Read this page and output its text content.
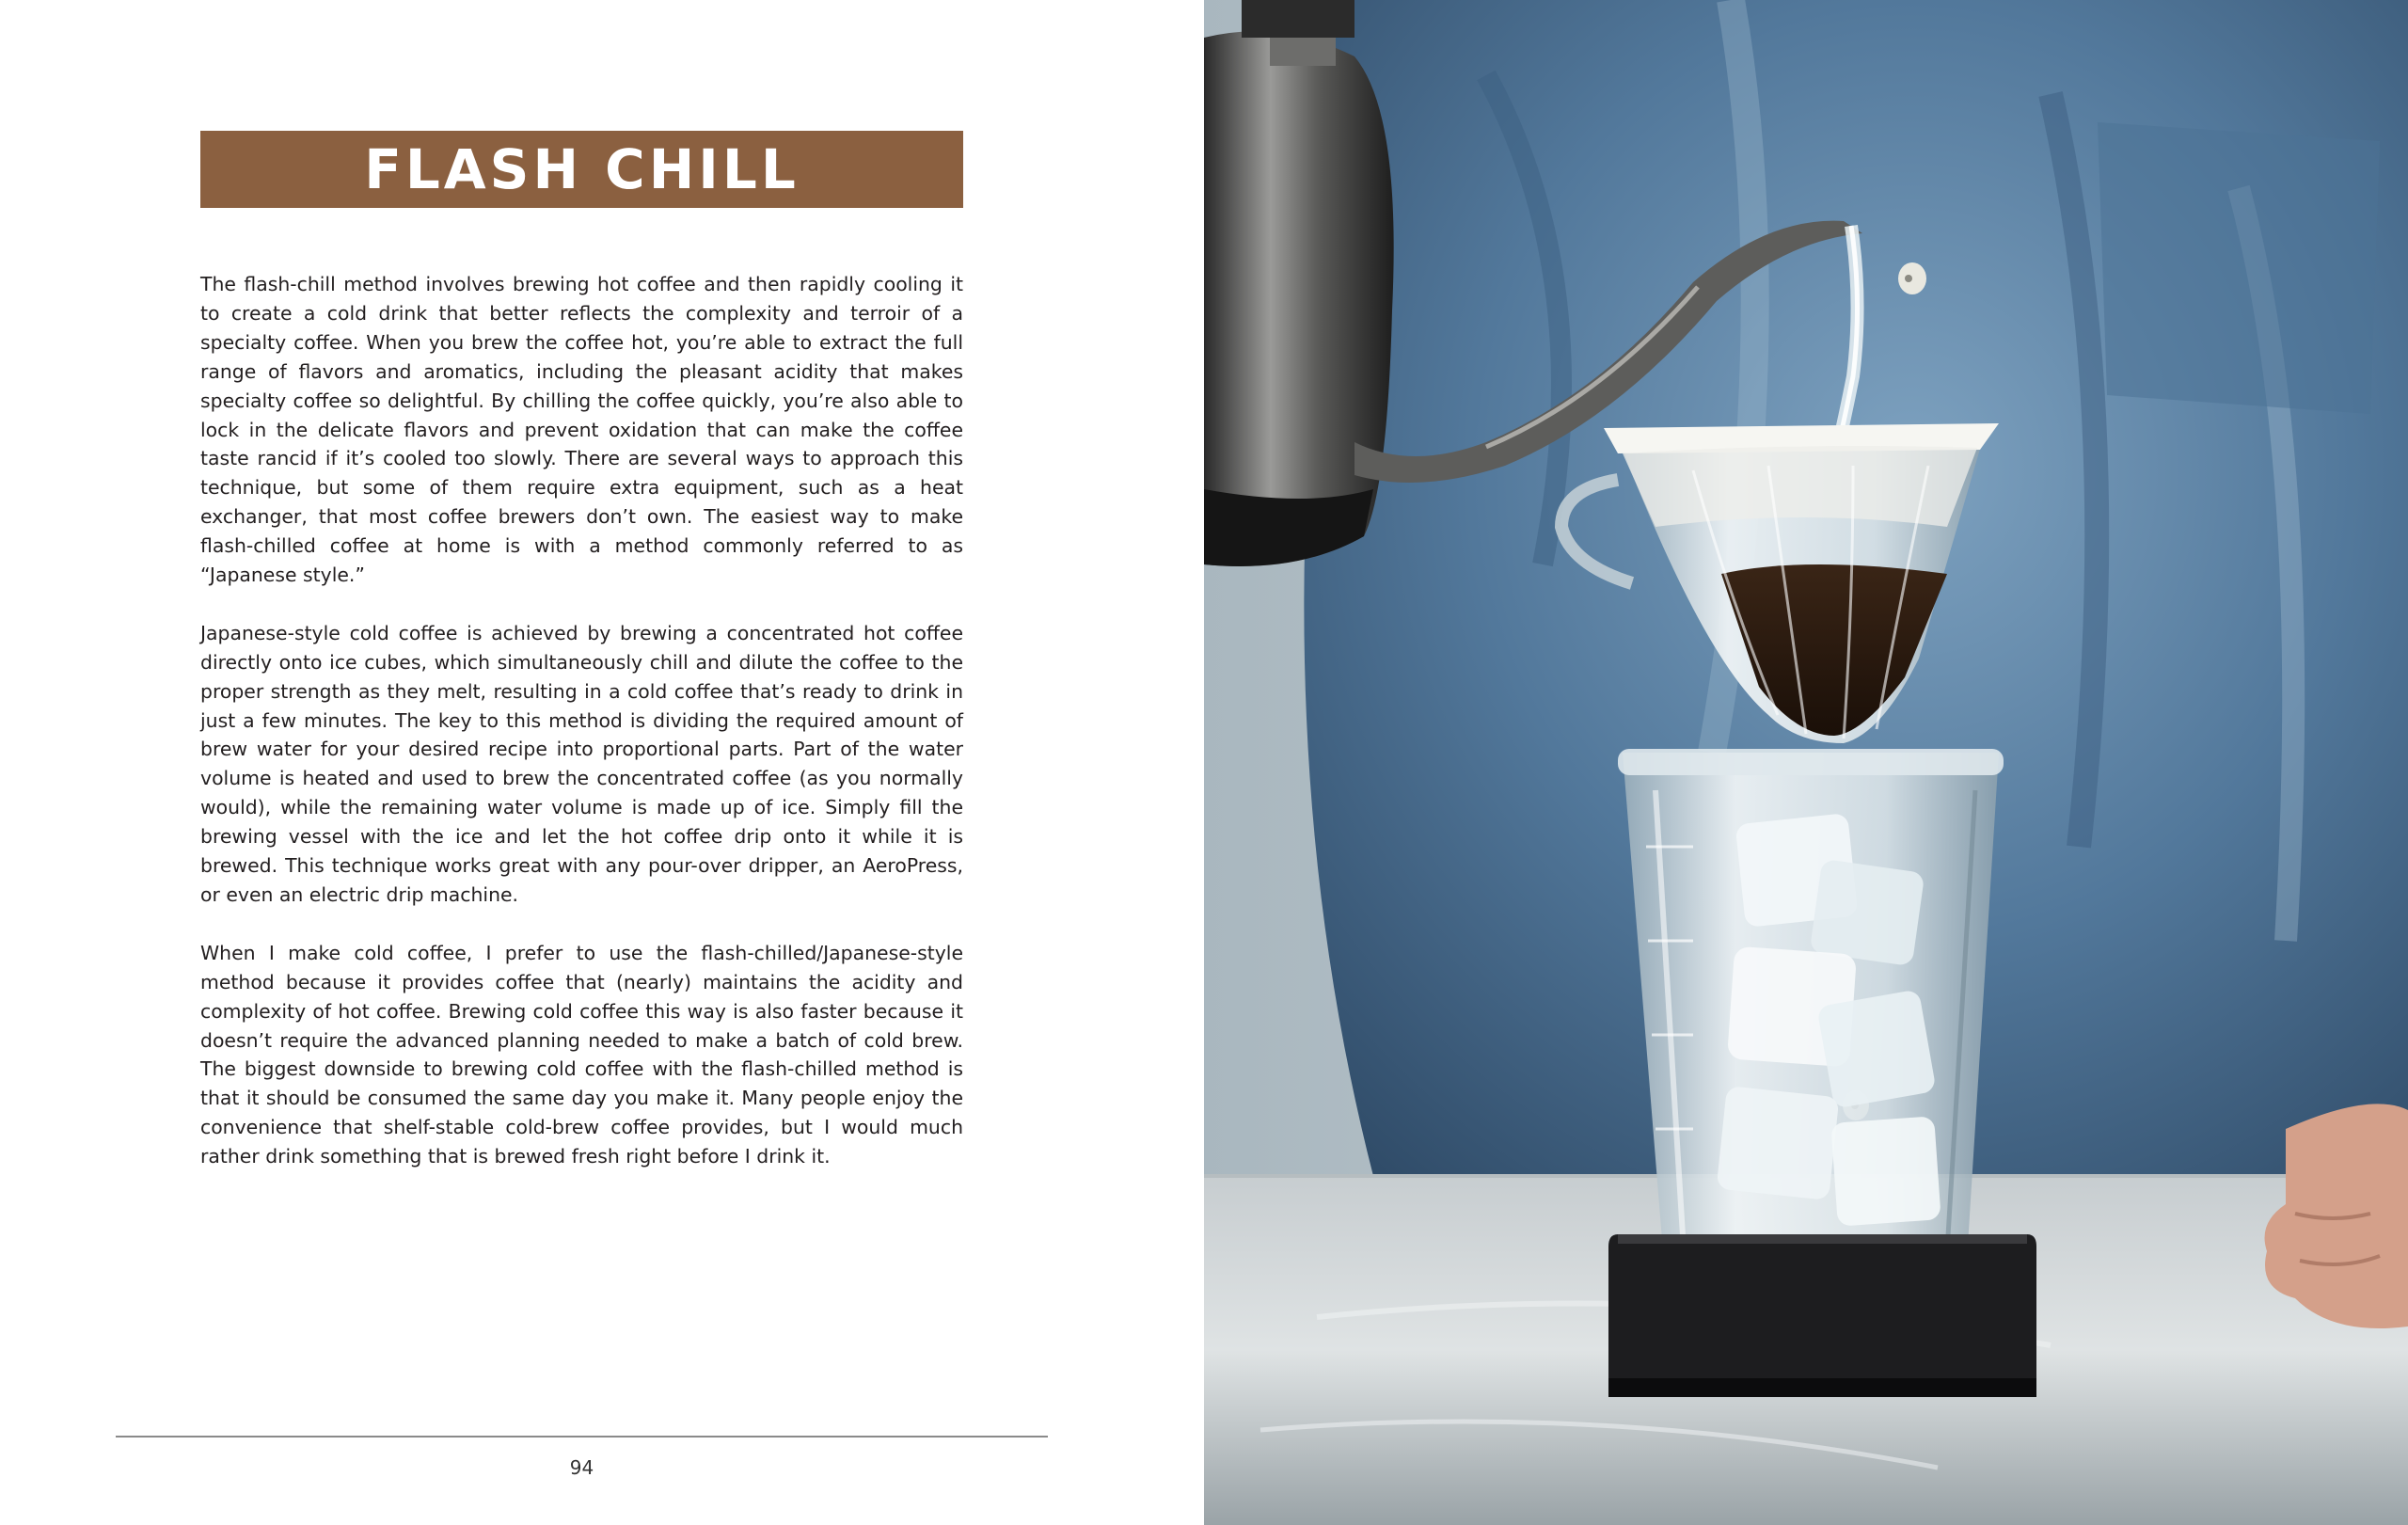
FLASH CHILL

The flash-chill method involves brewing hot coffee and then rapidly cooling it to create a cold drink that better reflects the complexity and terroir of a specialty coffee. When you brew the coffee hot, you’re able to extract the full range of flavors and aromatics, including the pleasant acidity that makes specialty coffee so delightful. By chilling the coffee quickly, you’re also able to lock in the delicate flavors and prevent oxidation that can make the coffee taste rancid if it’s cooled too slowly. There are several ways to approach this technique, but some of them require extra equipment, such as a heat exchanger, that most coffee brewers don’t own. The easiest way to make flash-chilled coffee at home is with a method commonly referred to as “Japanese style.”

Japanese-style cold coffee is achieved by brewing a concentrated hot coffee directly onto ice cubes, which simultaneously chill and dilute the coffee to the proper strength as they melt, resulting in a cold coffee that’s ready to drink in just a few minutes. The key to this method is dividing the required amount of brew water for your desired recipe into proportional parts. Part of the water volume is heated and used to brew the concentrated coffee (as you normally would), while the remaining water volume is made up of ice. Simply fill the brewing vessel with the ice and let the hot coffee drip onto it while it is brewed. This technique works great with any pour-over dripper, an AeroPress, or even an electric drip machine.

When I make cold coffee, I prefer to use the flash-chilled/Japanese-style method because it provides coffee that (nearly) maintains the acidity and complexity of hot coffee. Brewing cold coffee this way is also faster because it doesn’t require the advanced planning needed to make a batch of cold brew. The biggest downside to brewing cold coffee with the flash-chilled method is that it should be consumed the same day you make it. Many people enjoy the convenience that shelf-stable cold-brew coffee provides, but I would much rather drink something that is brewed fresh right before I drink it.

94
